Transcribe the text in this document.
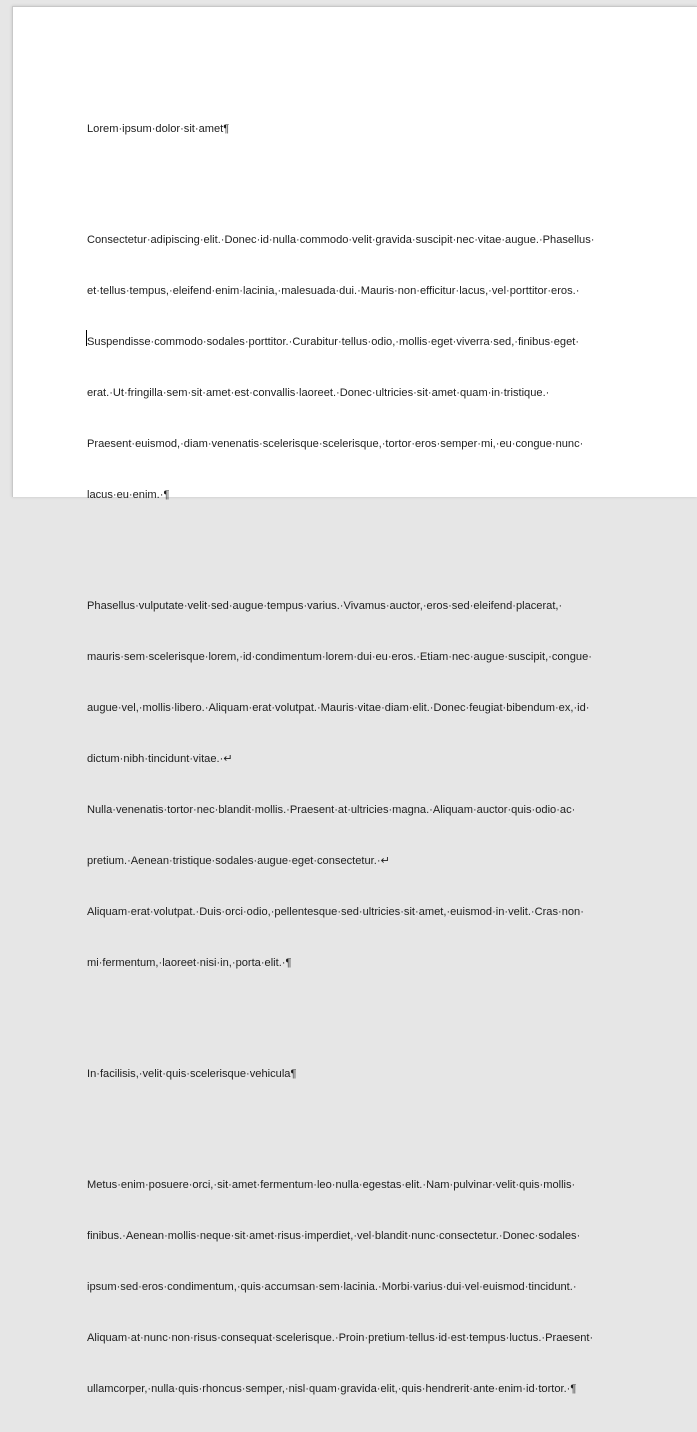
Lorem·ipsum·dolor·sit·amet¶

Consectetur·adipiscing·elit.·Donec·id·nulla·commodo·velit·gravida·suscipit·nec·vitae·augue.·Phasellus·

et·tellus·tempus,·eleifend·enim·lacinia,·malesuada·dui.·Mauris·non·efficitur·lacus,·vel·porttitor·eros.·

Suspendisse·commodo·sodales·porttitor.·Curabitur·tellus·odio,·mollis·eget·viverra·sed,·finibus·eget·

erat.·Ut·fringilla·sem·sit·amet·est·convallis·laoreet.·Donec·ultricies·sit·amet·quam·in·tristique.·

Praesent·euismod,·diam·venenatis·scelerisque·scelerisque,·tortor·eros·semper·mi,·eu·congue·nunc·

lacus·eu·enim.·¶

Phasellus·vulputate·velit·sed·augue·tempus·varius.·Vivamus·auctor,·eros·sed·eleifend·placerat,·

mauris·sem·scelerisque·lorem,·id·condimentum·lorem·dui·eu·eros.·Etiam·nec·augue·suscipit,·congue·

augue·vel,·mollis·libero.·Aliquam·erat·volutpat.·Mauris·vitae·diam·elit.·Donec·feugiat·bibendum·ex,·id·

dictum·nibh·tincidunt·vitae.·↵

Nulla·venenatis·tortor·nec·blandit·mollis.·Praesent·at·ultricies·magna.·Aliquam·auctor·quis·odio·ac·

pretium.·Aenean·tristique·sodales·augue·eget·consectetur.·↵

Aliquam·erat·volutpat.·Duis·orci·odio,·pellentesque·sed·ultricies·sit·amet,·euismod·in·velit.·Cras·non·

mi·fermentum,·laoreet·nisi·in,·porta·elit.·¶

In·facilisis,·velit·quis·scelerisque·vehicula¶

Metus·enim·posuere·orci,·sit·amet·fermentum·leo·nulla·egestas·elit.·Nam·pulvinar·velit·quis·mollis·

finibus.·Aenean·mollis·neque·sit·amet·risus·imperdiet,·vel·blandit·nunc·consectetur.·Donec·sodales·

ipsum·sed·eros·condimentum,·quis·accumsan·sem·lacinia.·Morbi·varius·dui·vel·euismod·tincidunt.·

Aliquam·at·nunc·non·risus·consequat·scelerisque.·Proin·pretium·tellus·id·est·tempus·luctus.·Praesent·

ullamcorper,·nulla·quis·rhoncus·semper,·nisl·quam·gravida·elit,·quis·hendrerit·ante·enim·id·tortor.·¶
